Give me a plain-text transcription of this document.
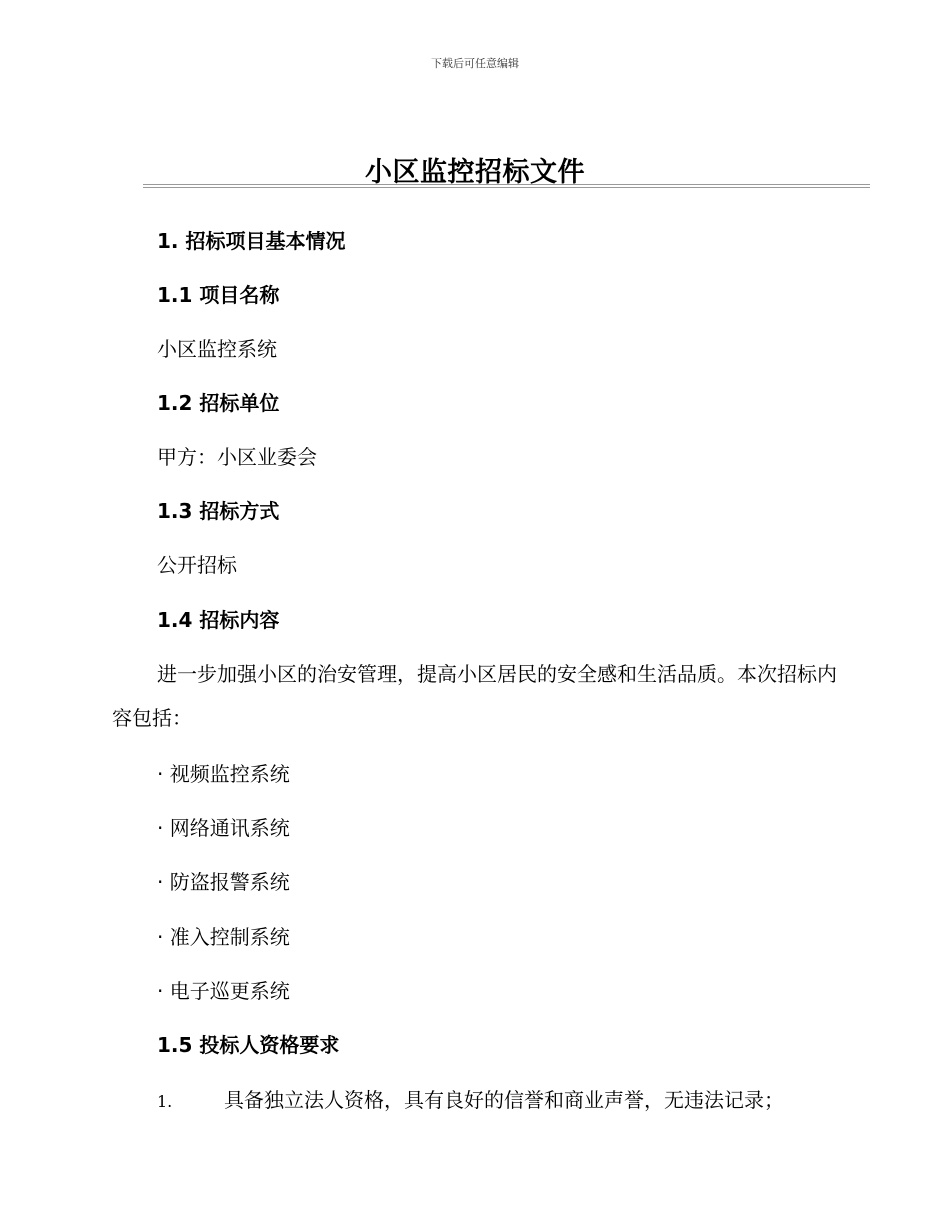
下载后可任意编辑
小区监控招标文件
1. 招标项目基本情况
1.1 项目名称
小区监控系统
1.2 招标单位
甲方：小区业委会
1.3 招标方式
公开招标
1.4 招标内容
进一步加强小区的治安管理，提高小区居民的安全感和生活品质。本次招标内容包括：
· 视频监控系统
· 网络通讯系统
· 防盗报警系统
· 准入控制系统
· 电子巡更系统
1.5 投标人资格要求
1.	具备独立法人资格，具有良好的信誉和商业声誉，无违法记录；
